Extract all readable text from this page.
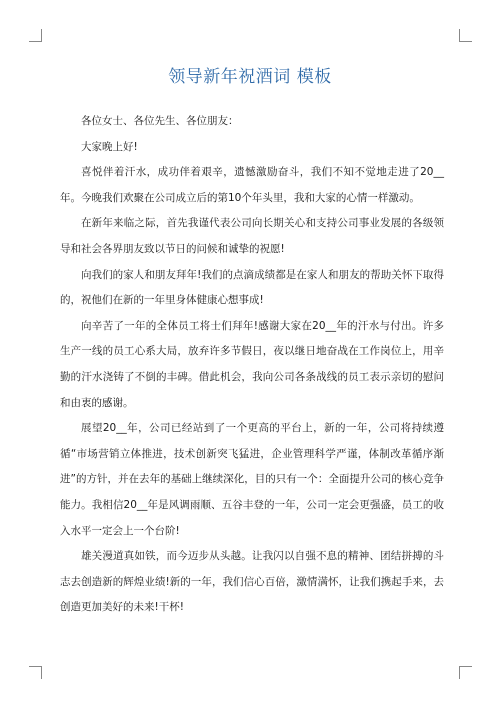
领导新年祝酒词 模板

各位女士、各位先生、各位朋友：

大家晚上好!

喜悦伴着汗水，成功伴着艰辛，遗憾激励奋斗，我们不知不觉地走进了20__年。今晚我们欢聚在公司成立后的第10个年头里，我和大家的心情一样激动。

在新年来临之际，首先我谨代表公司向长期关心和支持公司事业发展的各级领导和社会各界朋友致以节日的问候和诚挚的祝愿!

向我们的家人和朋友拜年!我们的点滴成绩都是在家人和朋友的帮助关怀下取得的，祝他们在新的一年里身体健康心想事成!

向辛苦了一年的全体员工将士们拜年!感谢大家在20__年的汗水与付出。许多生产一线的员工心系大局，放弃许多节假日，夜以继日地奋战在工作岗位上，用辛勤的汗水浇铸了不倒的丰碑。借此机会，我向公司各条战线的员工表示亲切的慰问和由衷的感谢。

展望20__年，公司已经站到了一个更高的平台上，新的一年，公司将持续遵循“市场营销立体推进，技术创新突飞猛进，企业管理科学严谨，体制改革循序渐进”的方针，并在去年的基础上继续深化，目的只有一个：全面提升公司的核心竞争能力。我相信20__年是风调雨顺、五谷丰登的一年，公司一定会更强盛，员工的收入水平一定会上一个台阶!

雄关漫道真如铁，而今迈步从头越。让我闪以自强不息的精神、团结拼搏的斗志去创造新的辉煌业绩!新的一年，我们信心百倍，激情满怀，让我们携起手来，去创造更加美好的未来!干杯!
